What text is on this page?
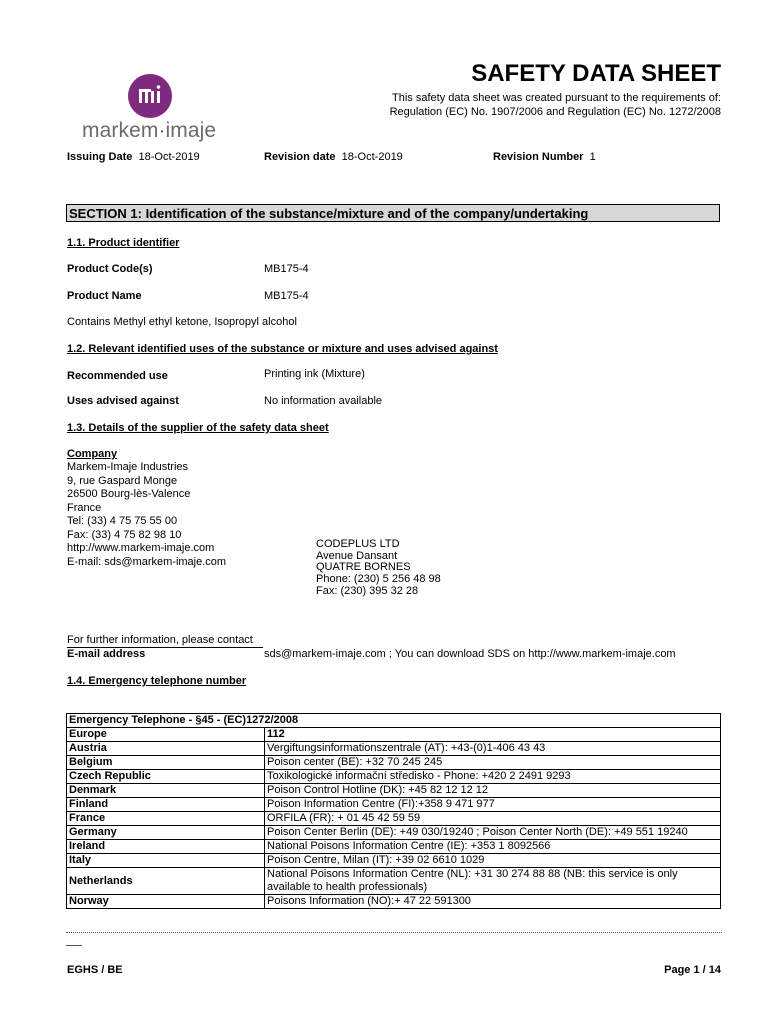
markem·imaje
SAFETY DATA SHEET
This safety data sheet was created pursuant to the requirements of:
Regulation (EC) No. 1907/2006 and Regulation (EC) No. 1272/2008
Issuing Date 18-Oct-2019	Revision date 18-Oct-2019	Revision Number 1
SECTION 1: Identification of the substance/mixture and of the company/undertaking
1.1. Product identifier
Product Code(s)	MB175-4
Product Name	MB175-4
Contains Methyl ethyl ketone, Isopropyl alcohol
1.2. Relevant identified uses of the substance or mixture and uses advised against
Recommended use	Printing ink (Mixture)
Uses advised against	No information available
1.3. Details of the supplier of the safety data sheet
Company
Markem-Imaje Industries
9, rue Gaspard Monge
26500 Bourg-lès-Valence
France
Tel: (33) 4 75 75 55 00
Fax: (33) 4 75 82 98 10
http://www.markem-imaje.com
E-mail: sds@markem-imaje.com
CODEPLUS LTD
Avenue Dansant
QUATRE BORNES
Phone: (230) 5 256 48 98
Fax: (230) 395 32 28
For further information, please contact
E-mail address	sds@markem-imaje.com ; You can download SDS on http://www.markem-imaje.com
1.4. Emergency telephone number
Emergency Telephone - §45 - (EC)1272/2008	
Europe	112
Austria	Vergiftungsinformationszentrale (AT): +43-(0)1-406 43 43
Belgium	Poison center (BE): +32 70 245 245
Czech Republic	Toxikologické informační středisko - Phone: +420 2 2491 9293
Denmark	Poison Control Hotline (DK): +45 82 12 12 12
Finland	Poison Information Centre (FI):+358 9 471 977
France	ORFILA (FR): + 01 45 42 59 59
Germany	Poison Center Berlin (DE): +49 030/19240 ; Poison Center North (DE): +49 551 19240
Ireland	National Poisons Information Centre (IE): +353 1 8092566
Italy	Poison Centre, Milan (IT): +39 02 6610 1029
Netherlands	National Poisons Information Centre (NL): +31 30 274 88 88 (NB: this service is only available to health professionals)
Norway	Poisons Information (NO):+ 47 22 591300
EGHS / BE	Page 1 / 14
